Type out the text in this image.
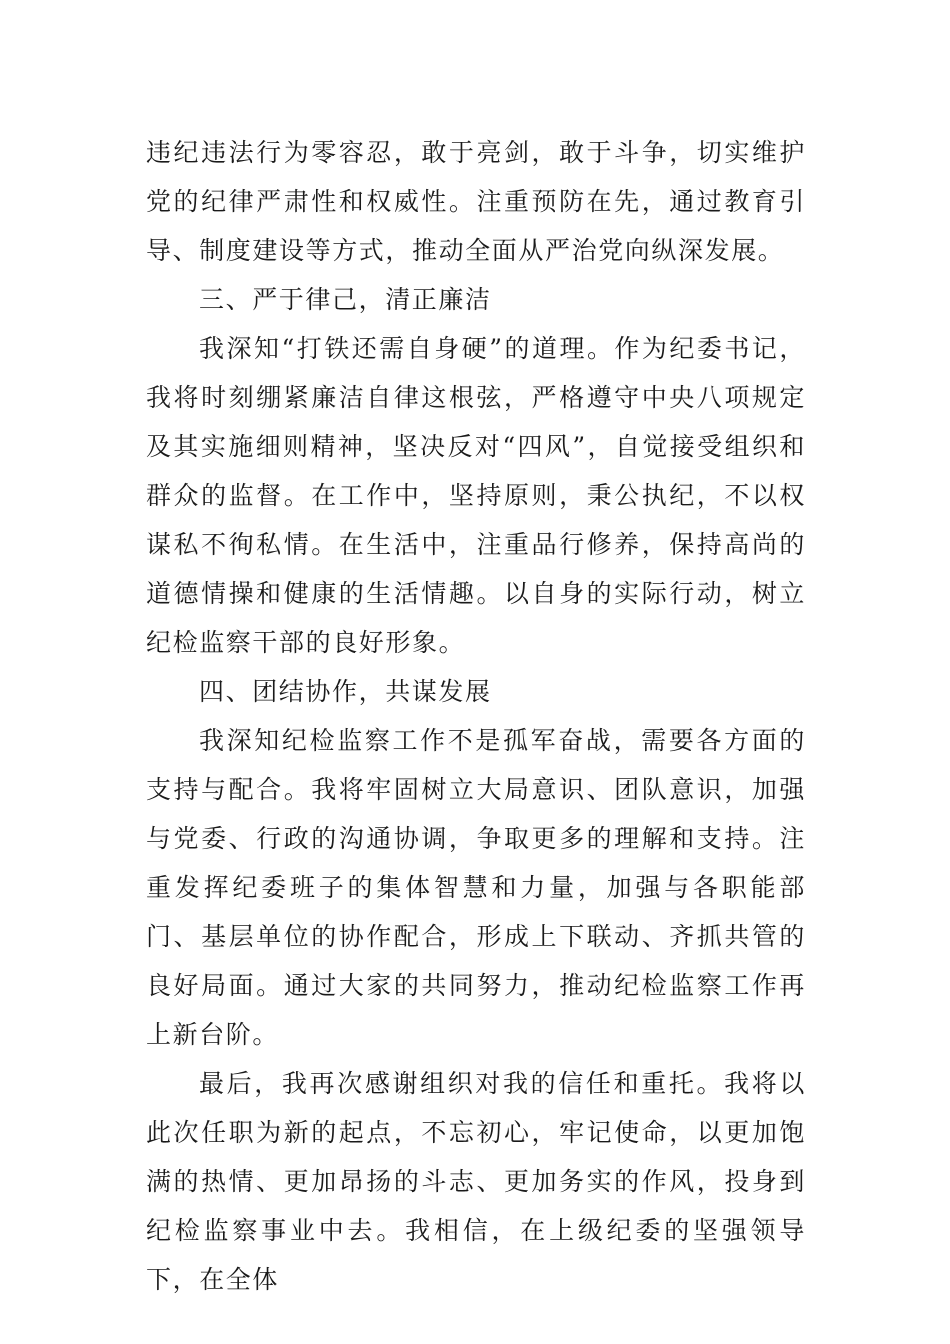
违纪违法行为零容忍，敢于亮剑，敢于斗争，切实维护党的纪律严肃性和权威性。注重预防在先，通过教育引导、制度建设等方式，推动全面从严治党向纵深发展。

三、严于律己，清正廉洁

我深知“打铁还需自身硬”的道理。作为纪委书记，我将时刻绷紧廉洁自律这根弦，严格遵守中央八项规定及其实施细则精神，坚决反对“四风”，自觉接受组织和群众的监督。在工作中，坚持原则，秉公执纪，不以权谋私不徇私情。在生活中，注重品行修养，保持高尚的道德情操和健康的生活情趣。以自身的实际行动，树立纪检监察干部的良好形象。

四、团结协作，共谋发展

我深知纪检监察工作不是孤军奋战，需要各方面的支持与配合。我将牢固树立大局意识、团队意识，加强与党委、行政的沟通协调，争取更多的理解和支持。注重发挥纪委班子的集体智慧和力量，加强与各职能部门、基层单位的协作配合，形成上下联动、齐抓共管的良好局面。通过大家的共同努力，推动纪检监察工作再上新台阶。

最后，我再次感谢组织对我的信任和重托。我将以此次任职为新的起点，不忘初心，牢记使命，以更加饱满的热情、更加昂扬的斗志、更加务实的作风，投身到纪检监察事业中去。我相信，在上级纪委的坚强领导下，在全体
